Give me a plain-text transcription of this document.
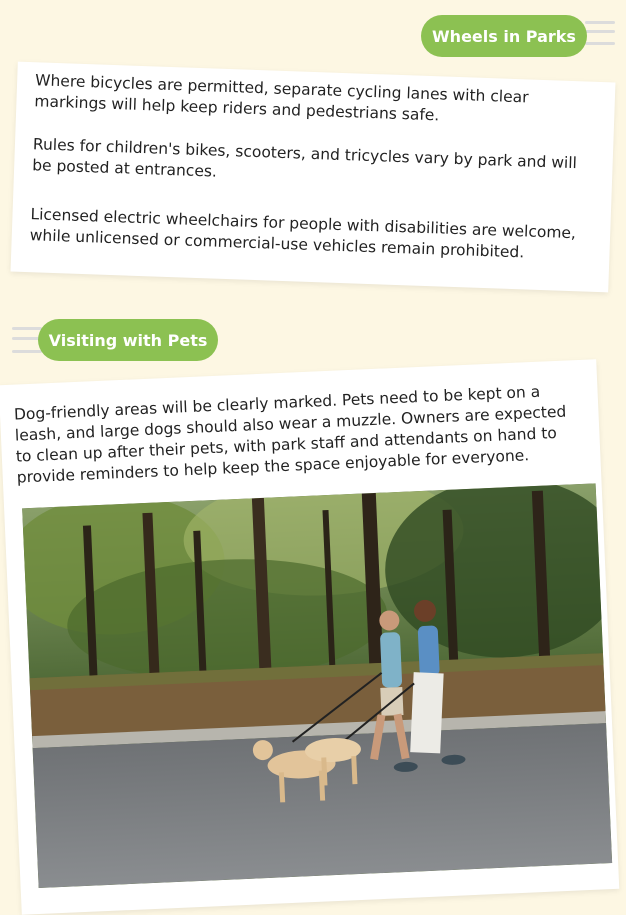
Wheels in Parks

Where bicycles are permitted, separate cycling lanes with clear markings will help keep riders and pedestrians safe.

Rules for children's bikes, scooters, and tricycles vary by park and will be posted at entrances.

Licensed electric wheelchairs for people with disabilities are welcome, while unlicensed or commercial-use vehicles remain prohibited.

Visiting with Pets

Dog-friendly areas will be clearly marked. Pets need to be kept on a leash, and large dogs should also wear a muzzle. Owners are expected to clean up after their pets, with park staff and attendants on hand to provide reminders to help keep the space enjoyable for everyone.
